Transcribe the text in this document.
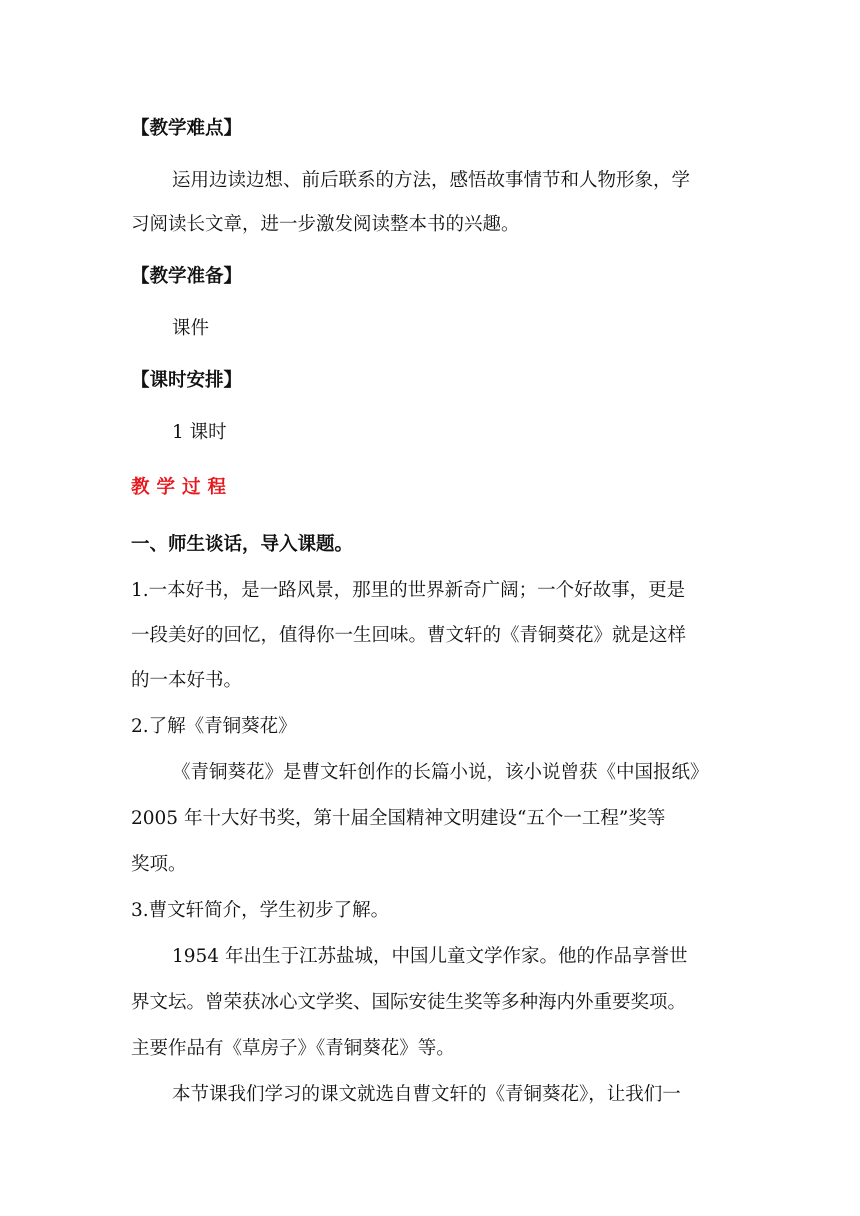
【教学难点】
运用边读边想、前后联系的方法，感悟故事情节和人物形象，学
习阅读长文章，进一步激发阅读整本书的兴趣。
【教学准备】
课件
【课时安排】
1 课时
教学过程
一、师生谈话，导入课题。
1.一本好书，是一路风景，那里的世界新奇广阔；一个好故事，更是
一段美好的回忆，值得你一生回味。曹文轩的《青铜葵花》就是这样
的一本好书。
2.了解《青铜葵花》
《青铜葵花》是曹文轩创作的长篇小说，该小说曾获《中国报纸》
2005 年十大好书奖，第十届全国精神文明建设“五个一工程”奖等
奖项。
3.曹文轩简介，学生初步了解。
1954 年出生于江苏盐城，中国儿童文学作家。他的作品享誉世
界文坛。曾荣获冰心文学奖、国际安徒生奖等多种海内外重要奖项。
主要作品有《草房子》《青铜葵花》等。
本节课我们学习的课文就选自曹文轩的《青铜葵花》，让我们一
